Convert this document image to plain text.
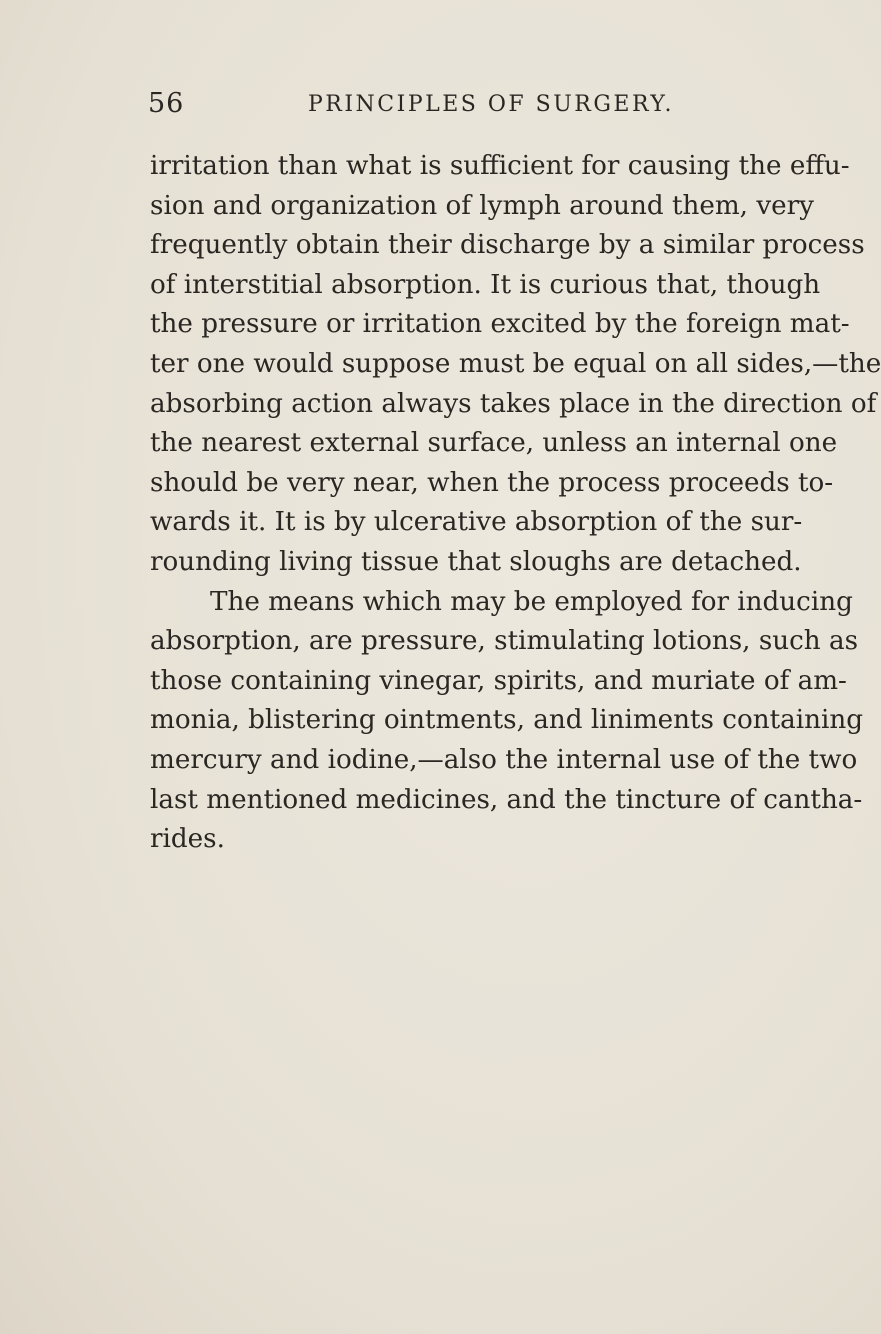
56	PRINCIPLES OF SURGERY.
irritation than what is sufficient for causing the effu-
sion and organization of lymph around them, very
frequently obtain their discharge by a similar process
of interstitial absorption. It is curious that, though
the pressure or irritation excited by the foreign mat-
ter one would suppose must be equal on all sides,—the
absorbing action always takes place in the direction of
the nearest external surface, unless an internal one
should be very near, when the process proceeds to-
wards it. It is by ulcerative absorption of the sur-
rounding living tissue that sloughs are detached.
The means which may be employed for inducing
absorption, are pressure, stimulating lotions, such as
those containing vinegar, spirits, and muriate of am-
monia, blistering ointments, and liniments containing
mercury and iodine,—also the internal use of the two
last mentioned medicines, and the tincture of cantha-
rides.
